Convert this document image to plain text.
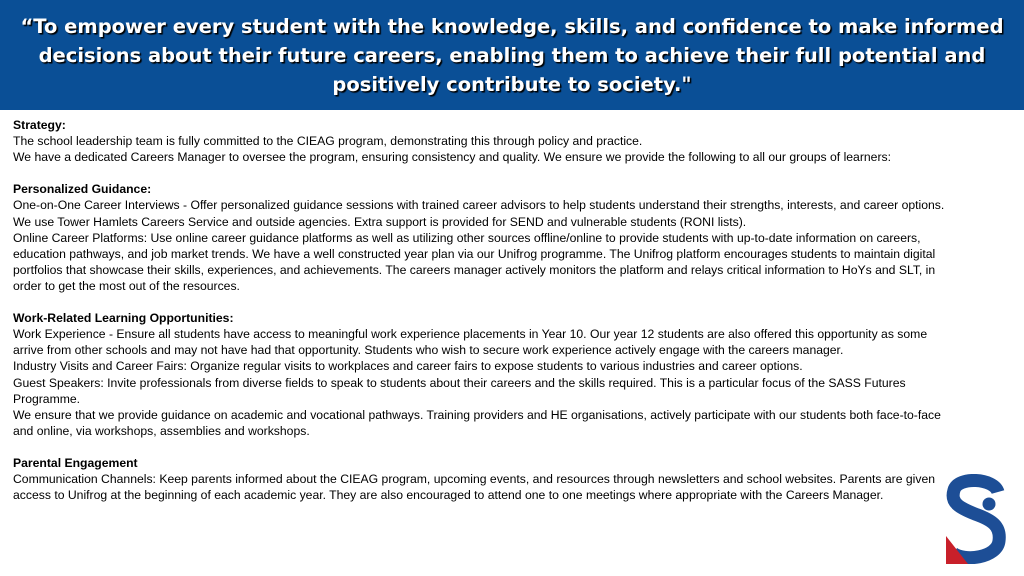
“To empower every student with the knowledge, skills, and confidence to make informed decisions about their future careers, enabling them to achieve their full potential and positively contribute to society."

Strategy:

The school leadership team is fully committed to the CIEAG program, demonstrating this through policy and practice.

We have a dedicated Careers Manager to oversee the program, ensuring consistency and quality. We ensure we provide the following to all our groups of learners:

Personalized Guidance:

One-on-One Career Interviews - Offer personalized guidance sessions with trained career advisors to help students understand their strengths, interests, and career options. We use Tower Hamlets Careers Service and outside agencies. Extra support is provided for SEND and vulnerable students (RONI lists).

Online Career Platforms: Use online career guidance platforms as well as utilizing other sources offline/online to provide students with up-to-date information on careers, education pathways, and job market trends. We have a well constructed year plan via our Unifrog programme. The Unifrog platform encourages students to maintain digital portfolios that showcase their skills, experiences, and achievements. The careers manager actively monitors the platform and relays critical information to HoYs and SLT, in order to get the most out of the resources.

Work-Related Learning Opportunities:

Work Experience - Ensure all students have access to meaningful work experience placements in Year 10. Our year 12 students are also offered this opportunity as some arrive from other schools and may not have had that opportunity. Students who wish to secure work experience actively engage with the careers manager.

Industry Visits and Career Fairs: Organize regular visits to workplaces and career fairs to expose students to various industries and career options.

Guest Speakers: Invite professionals from diverse fields to speak to students about their careers and the skills required. This is a particular focus of the SASS Futures Programme.

We ensure that we provide guidance on academic and vocational pathways. Training providers and HE organisations, actively participate with our students both face-to-face and online, via workshops, assemblies and workshops.

Parental Engagement

Communication Channels: Keep parents informed about the CIEAG program, upcoming events, and resources through newsletters and school websites. Parents are given access to Unifrog at the beginning of each academic year. They are also encouraged to attend one to one meetings where appropriate with the Careers Manager.
